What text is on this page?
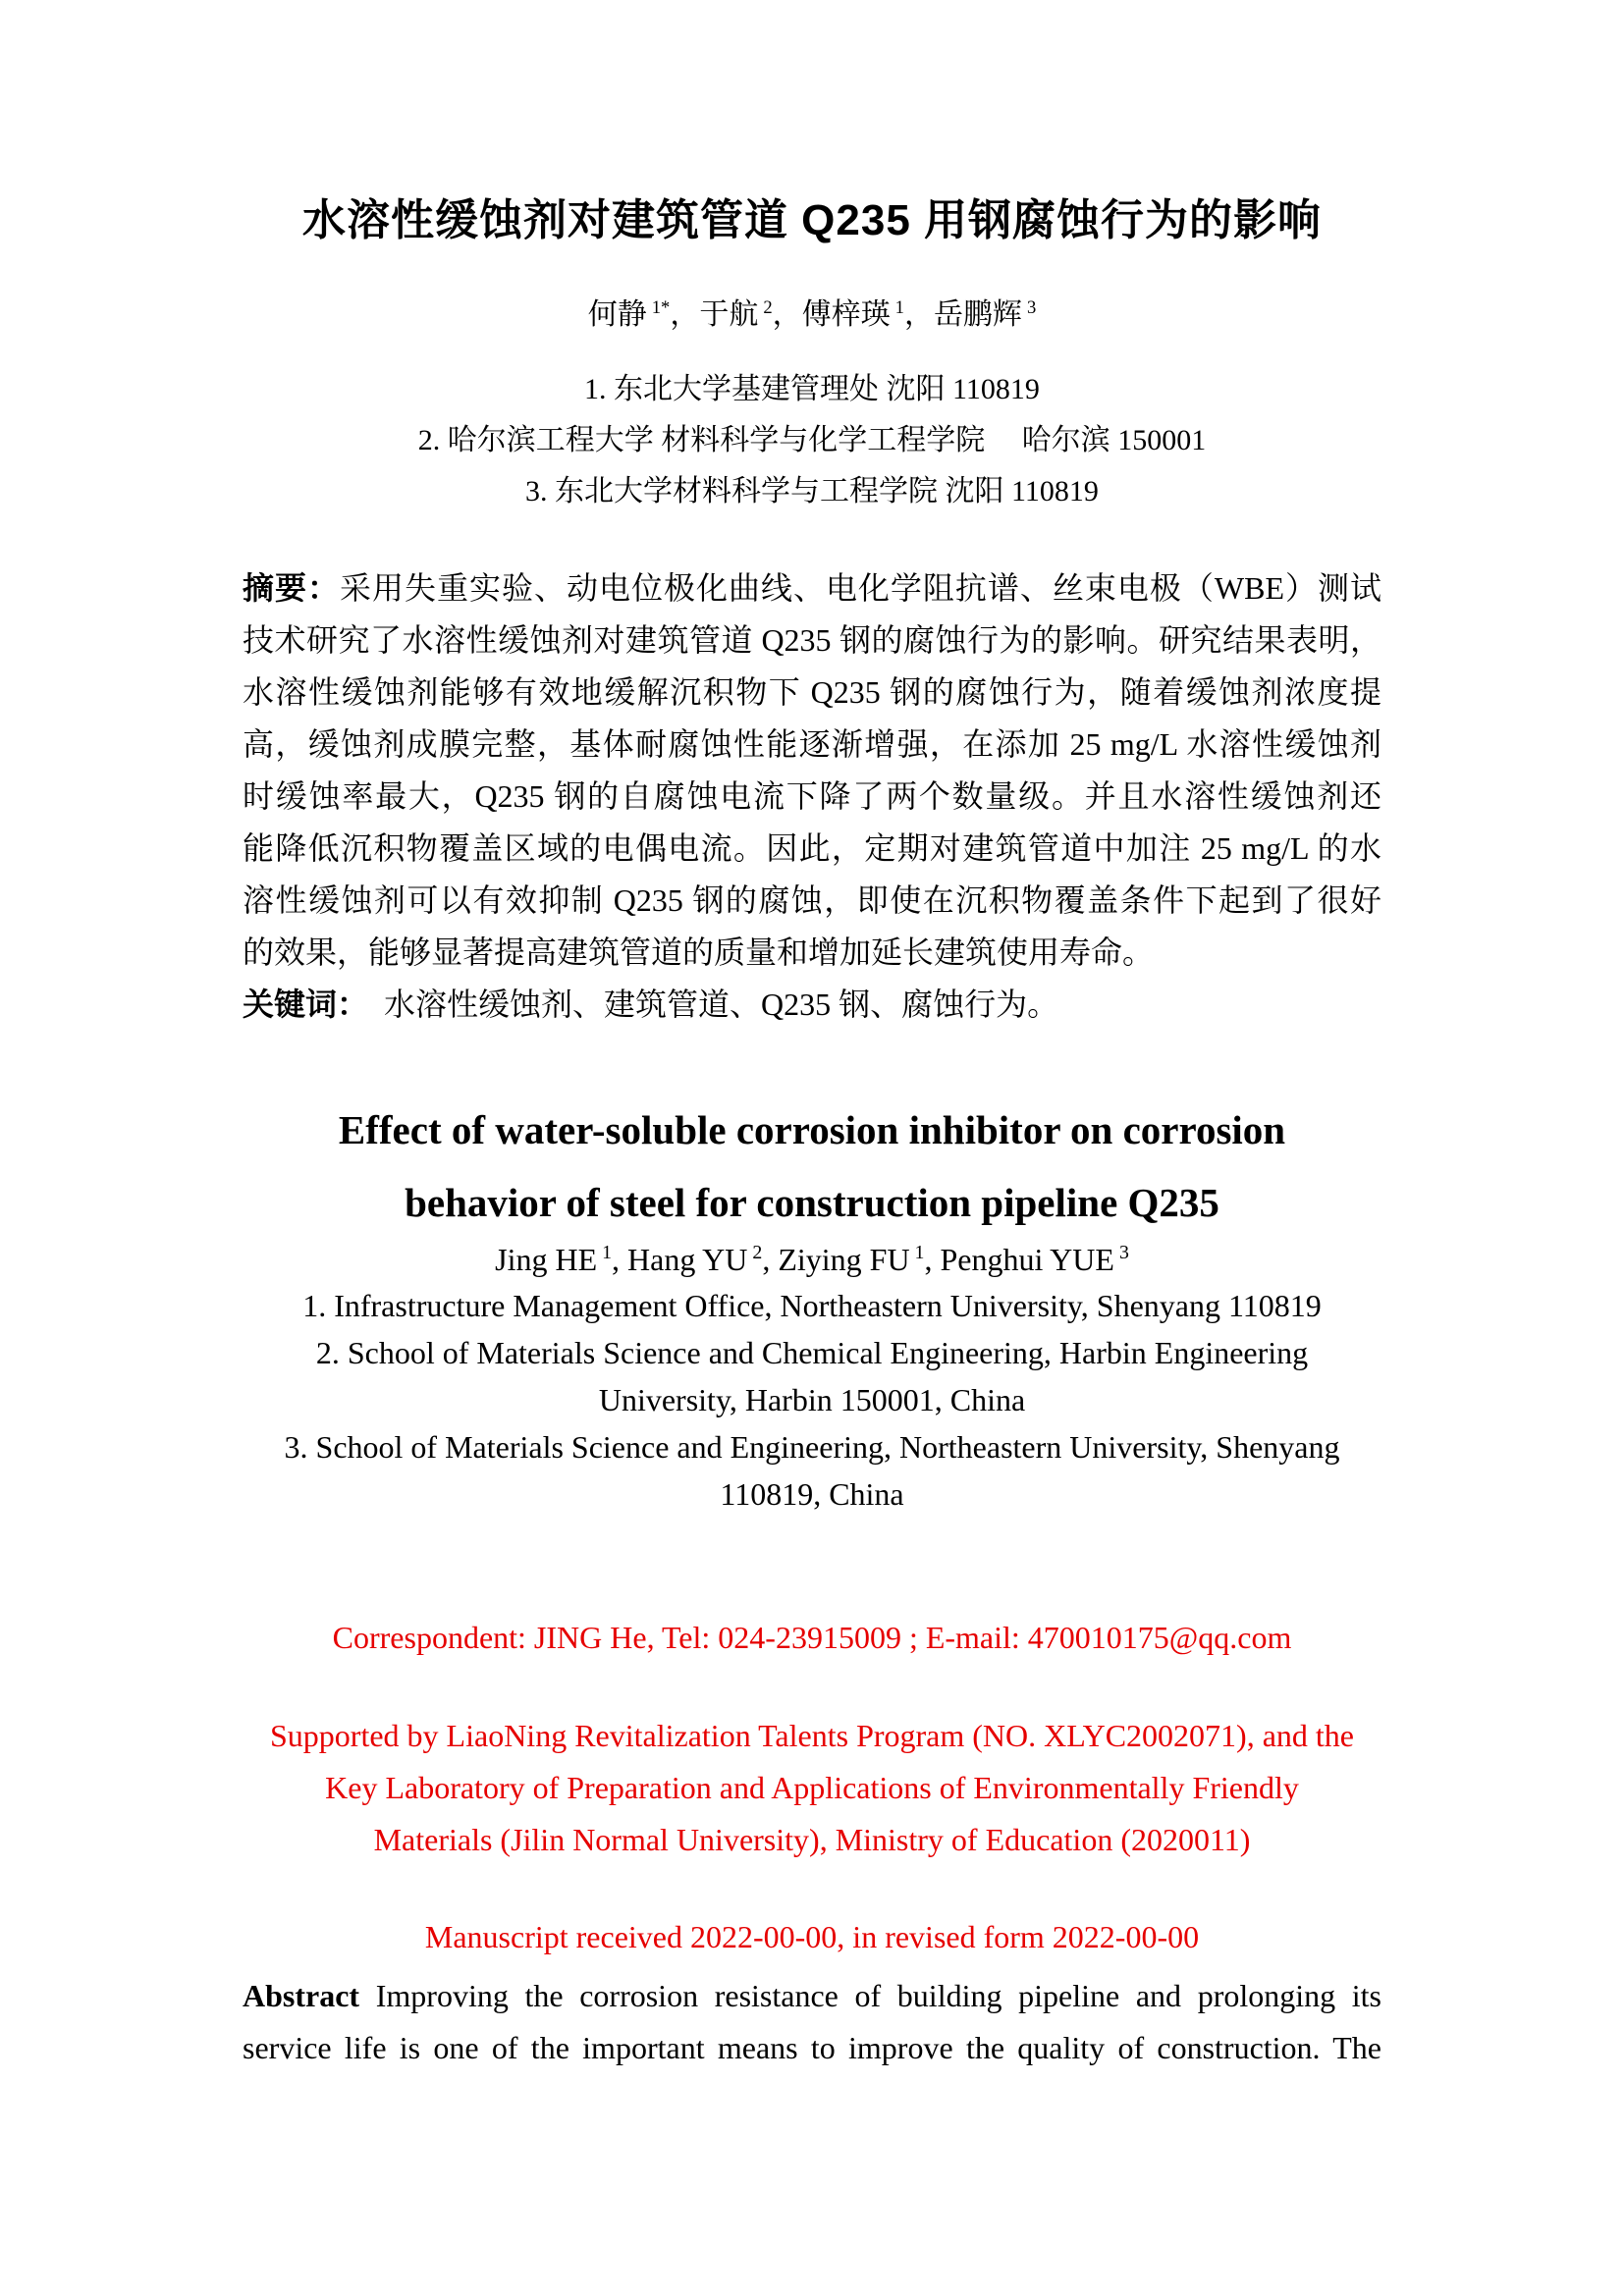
水溶性缓蚀剂对建筑管道 Q235 用钢腐蚀行为的影响
何静 $^{1*}$，于航 $^2$，傅梓瑛 $^1$，岳鹏辉 $^3$
1. 东北大学基建管理处 沈阳 110819
2. 哈尔滨工程大学 材料科学与化学工程学院　 哈尔滨 150001
3. 东北大学材料科学与工程学院 沈阳 110819
摘要：采用失重实验、动电位极化曲线、电化学阻抗谱、丝束电极（WBE）测试
技术研究了水溶性缓蚀剂对建筑管道 Q235 钢的腐蚀行为的影响。研究结果表明，
水溶性缓蚀剂能够有效地缓解沉积物下 Q235 钢的腐蚀行为，随着缓蚀剂浓度提
高，缓蚀剂成膜完整，基体耐腐蚀性能逐渐增强，在添加 25 mg/L 水溶性缓蚀剂
时缓蚀率最大，Q235 钢的自腐蚀电流下降了两个数量级。并且水溶性缓蚀剂还
能降低沉积物覆盖区域的电偶电流。因此，定期对建筑管道中加注 25 mg/L 的水
溶性缓蚀剂可以有效抑制 Q235 钢的腐蚀，即使在沉积物覆盖条件下起到了很好
的效果，能够显著提高建筑管道的质量和增加延长建筑使用寿命。
关键词：　水溶性缓蚀剂、建筑管道、Q235 钢、腐蚀行为。
Effect of water-soluble corrosion inhibitor on corrosion
behavior of steel for construction pipeline Q235
Jing HE $^1$, Hang YU $^2$, Ziying FU $^1$, Penghui YUE $^3$
1. Infrastructure Management Office, Northeastern University, Shenyang 110819
2. School of Materials Science and Chemical Engineering, Harbin Engineering
University, Harbin 150001, China
3. School of Materials Science and Engineering, Northeastern University, Shenyang
110819, China
Correspondent: JING He, Tel: 024-23915009 ; E-mail: 470010175@qq.com
Supported by LiaoNing Revitalization Talents Program (NO. XLYC2002071), and the
Key Laboratory of Preparation and Applications of Environmentally Friendly
Materials (Jilin Normal University), Ministry of Education (2020011)
Manuscript received 2022-00-00, in revised form 2022-00-00
Abstract Improving the corrosion resistance of building pipeline and prolonging its
service life is one of the important means to improve the quality of construction. The
